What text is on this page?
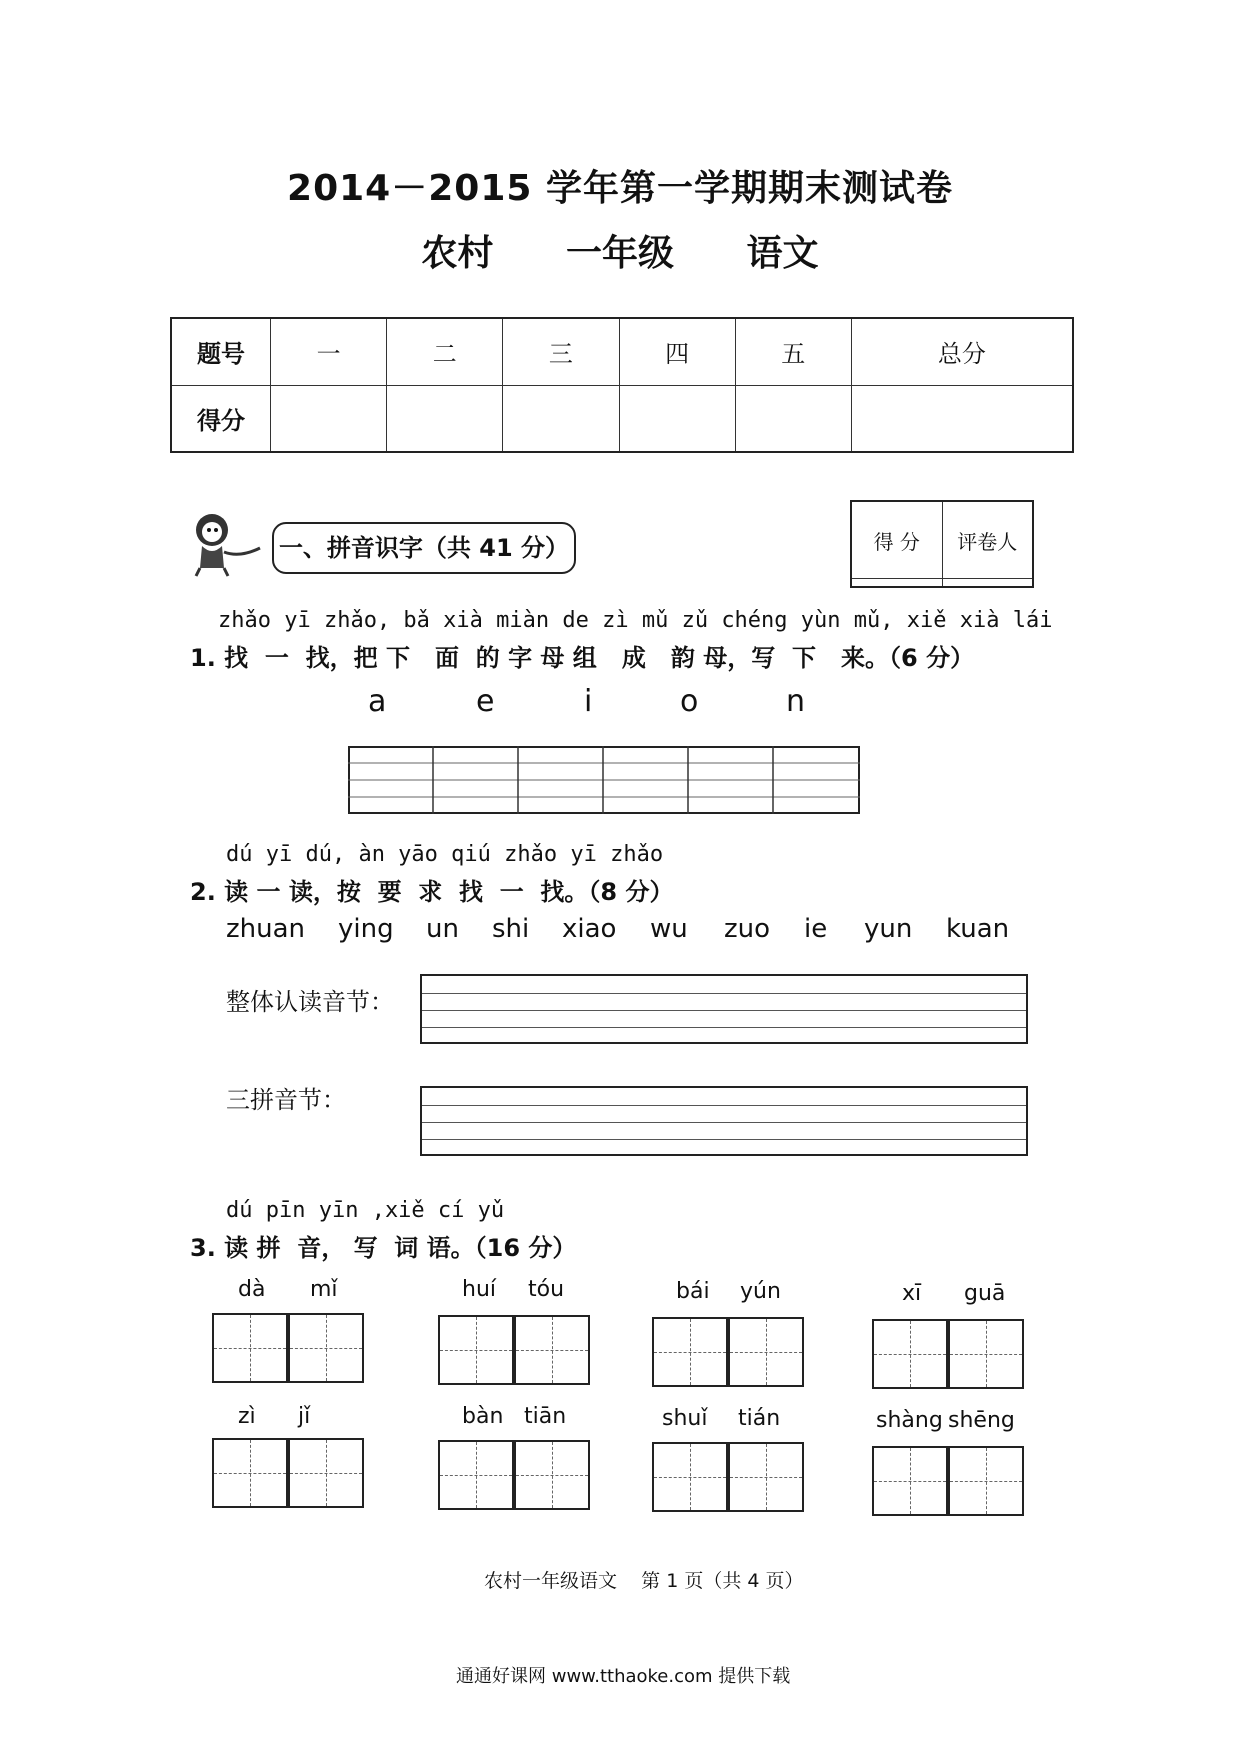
2014－2015 学年第一学期期末测试卷
农村 一年级 语文
题号	一	二	三	四	五	总分
得分						
一、拼音识字（共 41 分）	得 分	评卷人

zhǎo yī zhǎo, bǎ xià miàn de zì mǔ zǔ chéng yùn mǔ, xiě xià lái
1. 找  一  找，把 下   面  的 字 母 组   成   韵 母，写  下   来。（6 分）
a	e	i	o	n
dú yī dú, àn yāo qiú zhǎo yī zhǎo
2. 读 一 读，按  要  求  找  一  找。（8 分）
zhuan ying un shi xiao wu zuo ie yun kuan
整体认读音节：
三拼音节：
dú pīn yīn ,xiě cí yǔ
3. 读 拼  音， 写  词 语。（16 分）
dà mǐ	huí tóu	bái yún	xī guā
zì jǐ	bàn tiān	shuǐ tián	shàng shēng
农村一年级语文    第 1 页（共 4 页）
通通好课网 www.tthaoke.com 提供下载
